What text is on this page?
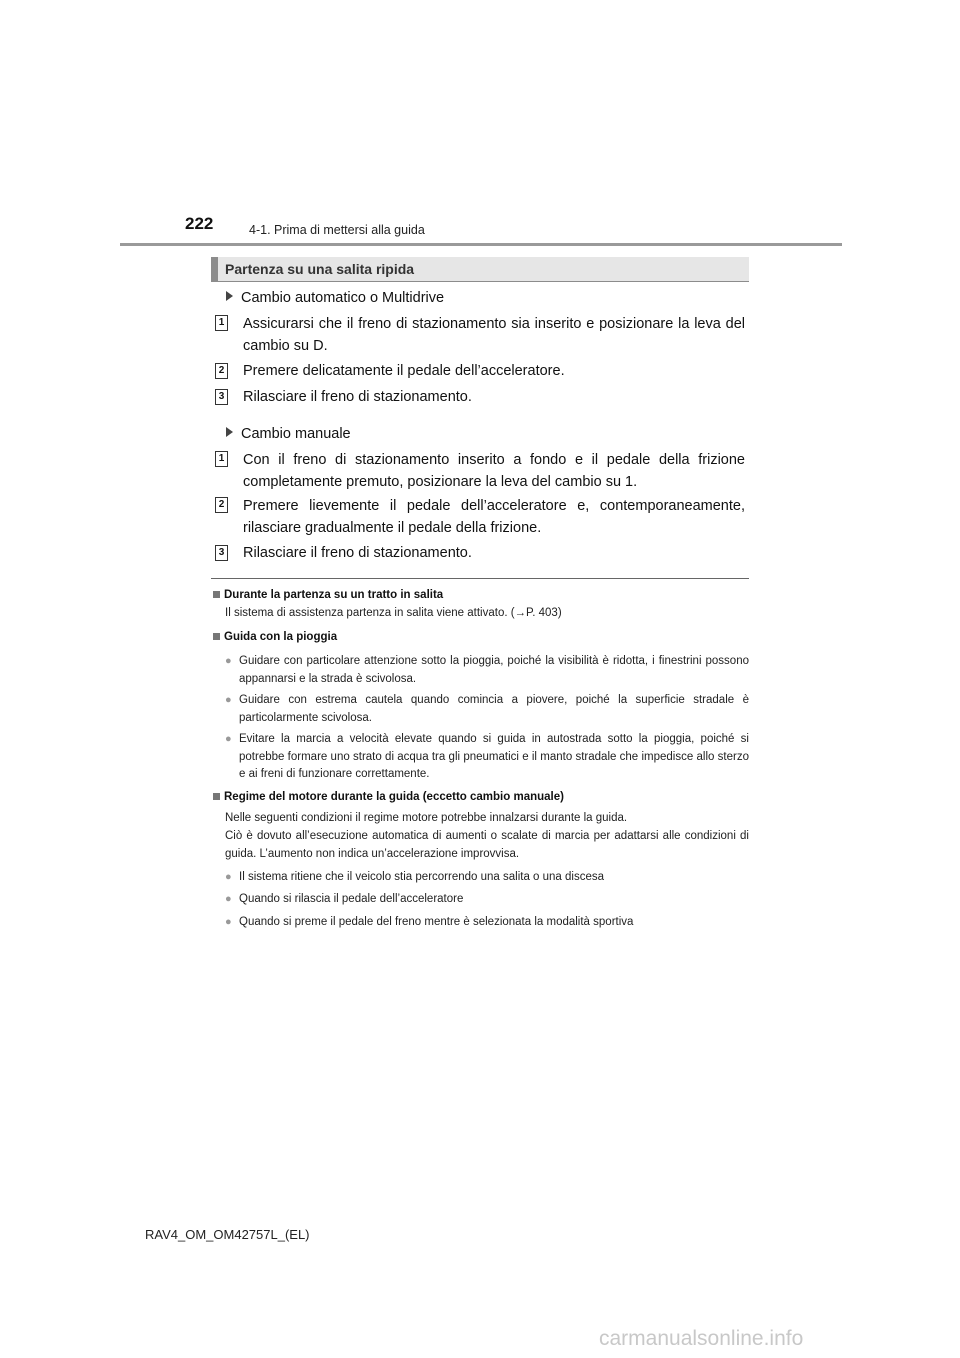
222	4-1. Prima di mettersi alla guida
Partenza su una salita ripida
Cambio automatico o Multidrive
1 Assicurarsi che il freno di stazionamento sia inserito e posizionare la leva del cambio su D.
2 Premere delicatamente il pedale dell’acceleratore.
3 Rilasciare il freno di stazionamento.
Cambio manuale
1 Con il freno di stazionamento inserito a fondo e il pedale della frizione completamente premuto, posizionare la leva del cambio su 1.
2 Premere lievemente il pedale dell’acceleratore e, contemporaneamente, rilasciare gradualmente il pedale della frizione.
3 Rilasciare il freno di stazionamento.
Durante la partenza su un tratto in salita
Il sistema di assistenza partenza in salita viene attivato. (→P. 403)
Guida con la pioggia
● Guidare con particolare attenzione sotto la pioggia, poiché la visibilità è ridotta, i finestrini possono appannarsi e la strada è scivolosa.
● Guidare con estrema cautela quando comincia a piovere, poiché la superficie stradale è particolarmente scivolosa.
● Evitare la marcia a velocità elevate quando si guida in autostrada sotto la pioggia, poiché si potrebbe formare uno strato di acqua tra gli pneumatici e il manto stradale che impedisce allo sterzo e ai freni di funzionare correttamente.
Regime del motore durante la guida (eccetto cambio manuale)
Nelle seguenti condizioni il regime motore potrebbe innalzarsi durante la guida.
Ciò è dovuto all’esecuzione automatica di aumenti o scalate di marcia per adattarsi alle condizioni di guida. L’aumento non indica un’accelerazione improvvisa.
● Il sistema ritiene che il veicolo stia percorrendo una salita o una discesa
● Quando si rilascia il pedale dell’acceleratore
● Quando si preme il pedale del freno mentre è selezionata la modalità sportiva
RAV4_OM_OM42757L_(EL)
carmanualsonline.info
